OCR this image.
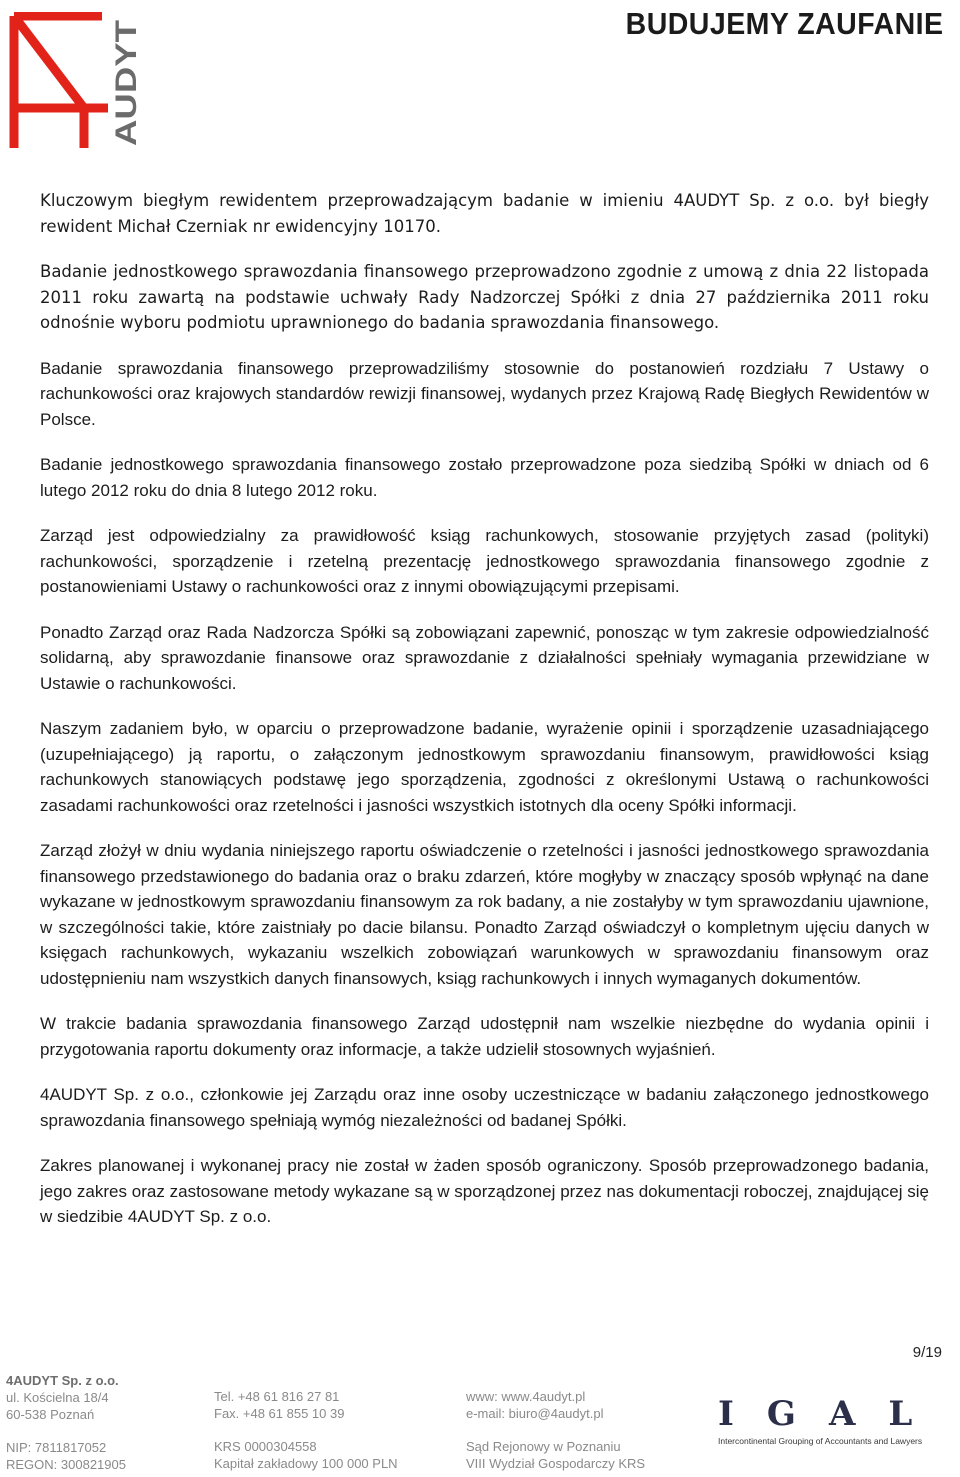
AUDYT
BUDUJEMY ZAUFANIE

Kluczowym biegłym rewidentem przeprowadzającym badanie w imieniu 4AUDYT Sp. z o.o. był biegły rewident Michał Czerniak nr ewidencyjny 10170.

Badanie jednostkowego sprawozdania finansowego przeprowadzono zgodnie z umową z dnia 22 listopada 2011 roku zawartą na podstawie uchwały Rady Nadzorczej Spółki z dnia 27 października 2011 roku odnośnie wyboru podmiotu uprawnionego do badania sprawozdania finansowego.

Badanie sprawozdania finansowego przeprowadziliśmy stosownie do postanowień rozdziału 7 Ustawy o rachunkowości oraz krajowych standardów rewizji finansowej, wydanych przez Krajową Radę Biegłych Rewidentów w Polsce.

Badanie jednostkowego sprawozdania finansowego zostało przeprowadzone poza siedzibą Spółki w dniach od 6 lutego 2012 roku do dnia 8 lutego 2012 roku.

Zarząd jest odpowiedzialny za prawidłowość ksiąg rachunkowych, stosowanie przyjętych zasad (polityki) rachunkowości, sporządzenie i rzetelną prezentację jednostkowego sprawozdania finansowego zgodnie z postanowieniami Ustawy o rachunkowości oraz z innymi obowiązującymi przepisami.

Ponadto Zarząd oraz Rada Nadzorcza Spółki są zobowiązani zapewnić, ponosząc w tym zakresie odpowiedzialność solidarną, aby sprawozdanie finansowe oraz sprawozdanie z działalności spełniały wymagania przewidziane w Ustawie o rachunkowości.

Naszym zadaniem było, w oparciu o przeprowadzone badanie, wyrażenie opinii i sporządzenie uzasadniającego (uzupełniającego) ją raportu, o załączonym jednostkowym sprawozdaniu finansowym, prawidłowości ksiąg rachunkowych stanowiących podstawę jego sporządzenia, zgodności z określonymi Ustawą o rachunkowości zasadami rachunkowości oraz rzetelności i jasności wszystkich istotnych dla oceny Spółki informacji.

Zarząd złożył w dniu wydania niniejszego raportu oświadczenie o rzetelności i jasności jednostkowego sprawozdania finansowego przedstawionego do badania oraz o braku zdarzeń, które mogłyby w znaczący sposób wpłynąć na dane wykazane w jednostkowym sprawozdaniu finansowym za rok badany, a nie zostałyby w tym sprawozdaniu ujawnione, w szczególności takie, które zaistniały po dacie bilansu. Ponadto Zarząd oświadczył o kompletnym ujęciu danych w księgach rachunkowych, wykazaniu wszelkich zobowiązań warunkowych w sprawozdaniu finansowym oraz udostępnieniu nam wszystkich danych finansowych, ksiąg rachunkowych i innych wymaganych dokumentów.

W trakcie badania sprawozdania finansowego Zarząd udostępnił nam wszelkie niezbędne do wydania opinii i przygotowania raportu dokumenty oraz informacje, a także udzielił stosownych wyjaśnień.

4AUDYT Sp. z o.o., członkowie jej Zarządu oraz inne osoby uczestniczące w badaniu załączonego jednostkowego sprawozdania finansowego spełniają wymóg niezależności od badanej Spółki.

Zakres planowanej i wykonanej pracy nie został w żaden sposób ograniczony. Sposób przeprowadzonego badania, jego zakres oraz zastosowane metody wykazane są w sporządzonej przez nas dokumentacji roboczej, znajdującej się w siedzibie 4AUDYT Sp. z o.o.

9/19
4AUDYT Sp. z o.o.
ul. Kościelna 18/4
60-538 Poznań
NIP: 7811817052
REGON: 300821905
Tel. +48 61 816 27 81
Fax. +48 61 855 10 39
KRS 0000304558
Kapitał zakładowy 100 000 PLN
www: www.4audyt.pl
e-mail: biuro@4audyt.pl
Sąd Rejonowy w Poznaniu
VIII Wydział Gospodarczy KRS
IGAL
Intercontinental Grouping of Accountants and Lawyers
